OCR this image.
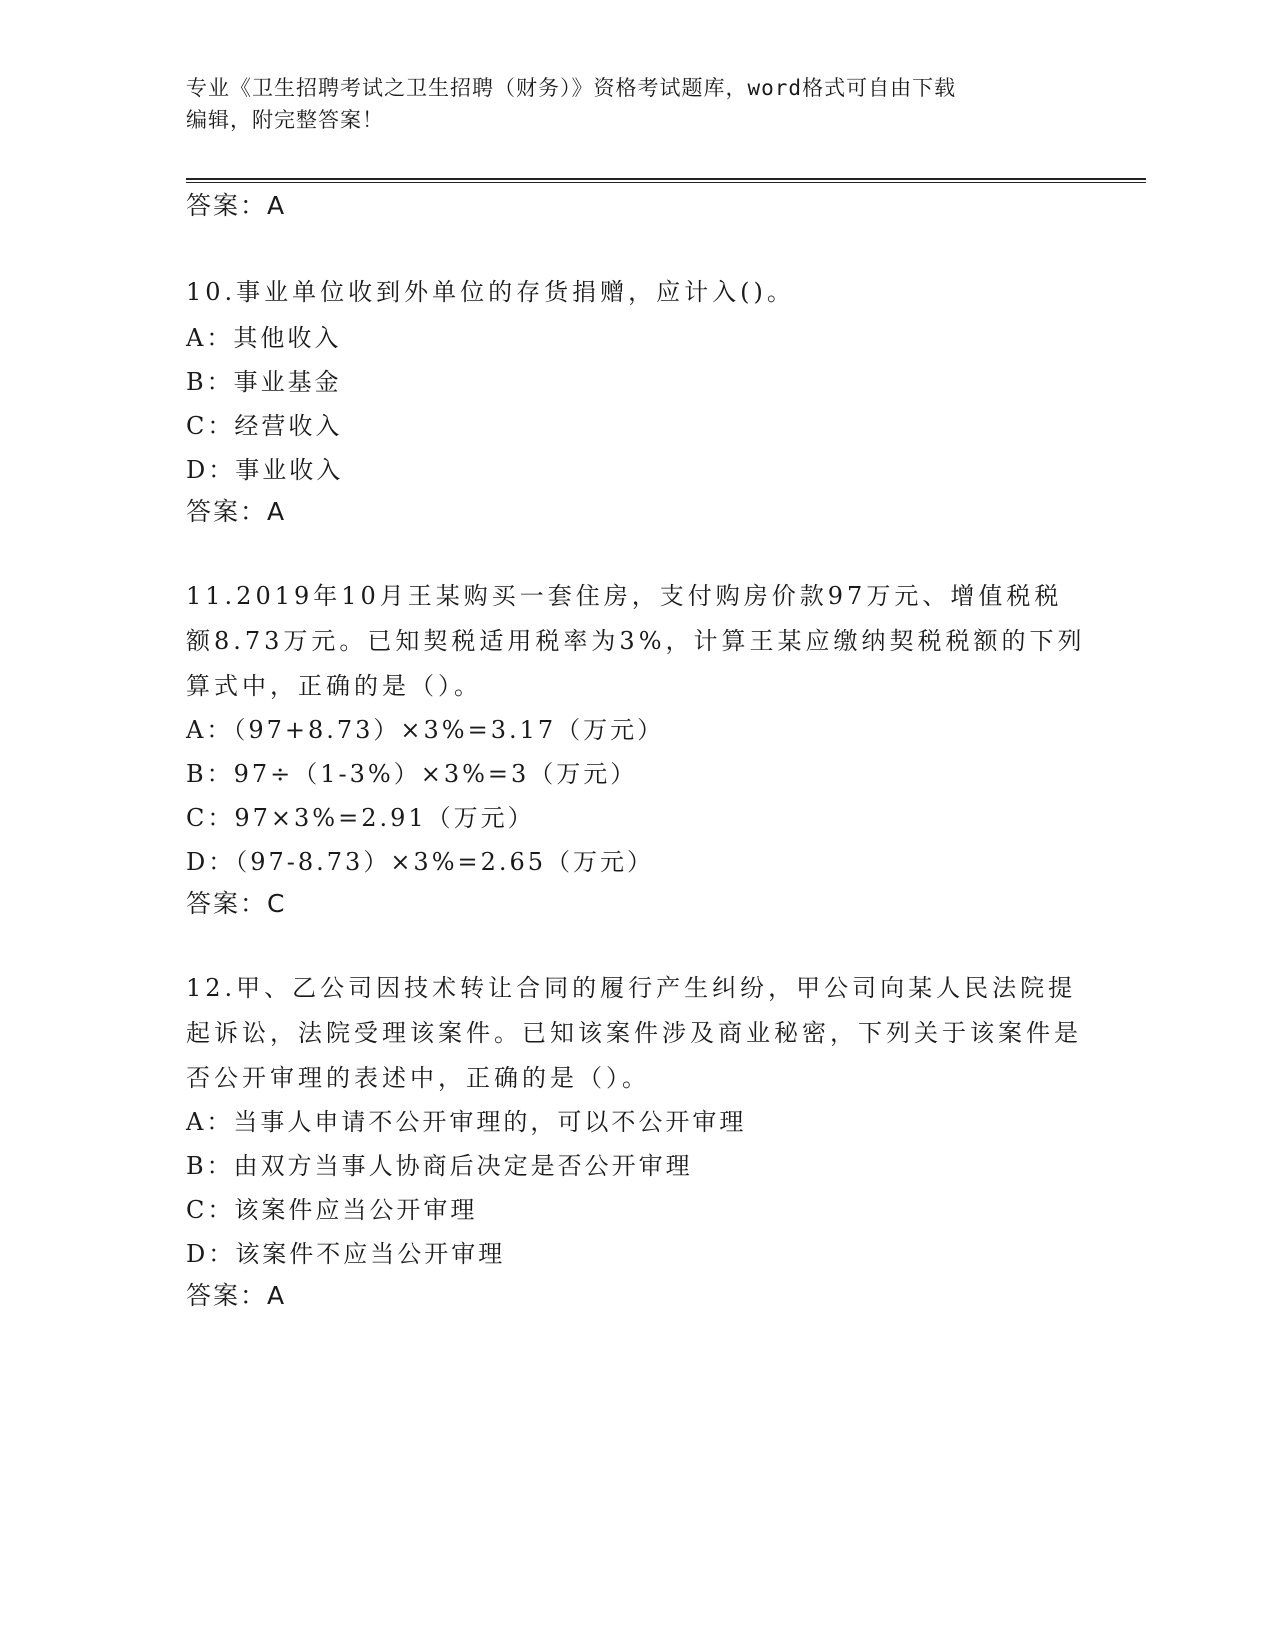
专业《卫生招聘考试之卫生招聘（财务）》资格考试题库，word格式可自由下载
编辑，附完整答案！
答案：A
10.事业单位收到外单位的存货捐赠，应计入()。
A：其他收入
B：事业基金
C：经营收入
D：事业收入
答案：A
11.2019年10月王某购买一套住房，支付购房价款97万元、增值税税额8.73万元。已知契税适用税率为3%，计算王某应缴纳契税税额的下列算式中，正确的是（）。
A：（97+8.73）×3%=3.17（万元）
B：97÷（1-3%）×3%=3（万元）
C：97×3%=2.91（万元）
D：（97-8.73）×3%=2.65（万元）
答案：C
12.甲、乙公司因技术转让合同的履行产生纠纷，甲公司向某人民法院提起诉讼，法院受理该案件。已知该案件涉及商业秘密，下列关于该案件是否公开审理的表述中，正确的是（）。
A：当事人申请不公开审理的，可以不公开审理
B：由双方当事人协商后决定是否公开审理
C：该案件应当公开审理
D：该案件不应当公开审理
答案：A
